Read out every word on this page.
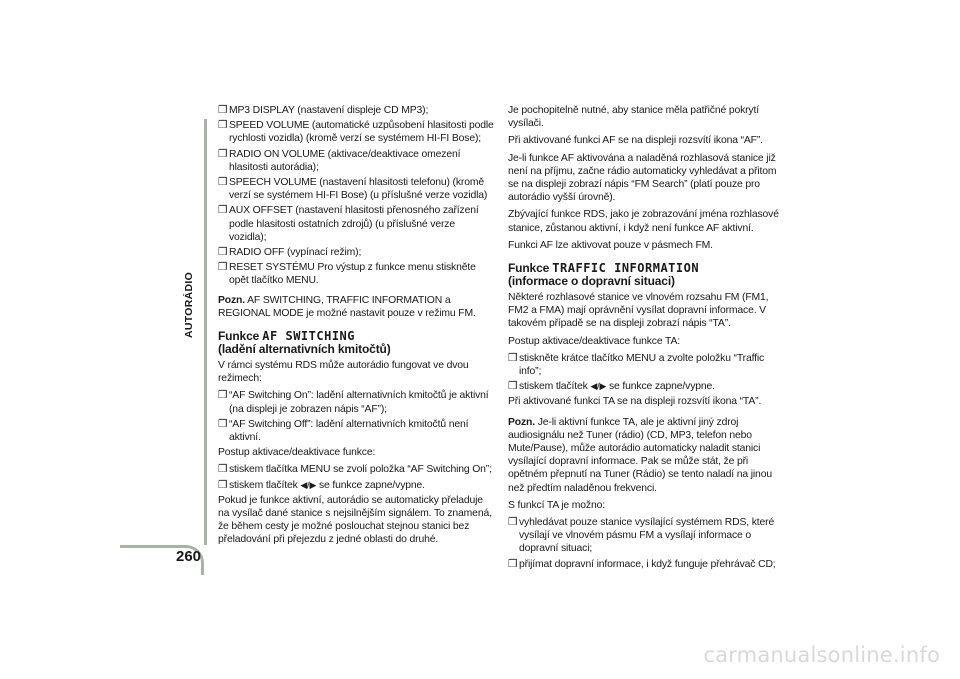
AUTORÁDIO
260
❒ MP3 DISPLAY (nastavení displeje CD MP3);
❒ SPEED VOLUME (automatické uzpůsobení hlasitosti podle rychlosti vozidla) (kromě verzí se systémem HI-FI Bose);
❒ RADIO ON VOLUME (aktivace/deaktivace omezení hlasitosti autorádia);
❒ SPEECH VOLUME (nastavení hlasitosti telefonu) (kromě verzí se systémem HI-FI Bose) (u příslušné verze vozidla)
❒ AUX OFFSET (nastavení hlasitosti přenosného zařízení podle hlasitosti ostatních zdrojů) (u příslušné verze vozidla);
❒ RADIO OFF (vypínací režim);
❒ RESET SYSTÉMU Pro výstup z funkce menu stiskněte opět tlačítko MENU.
Pozn. AF SWITCHING, TRAFFIC INFORMATION a REGIONAL MODE je možné nastavit pouze v režimu FM.
Funkce AF SWITCHING
(ladění alternativních kmitočtů)
V rámci systému RDS může autorádio fungovat ve dvou režimech:
❒ “AF Switching On”: ladění alternativních kmitočtů je aktivní (na displeji je zobrazen nápis “AF”);
❒ “AF Switching Off”: ladění alternativních kmitočtů není aktivní.
Postup aktivace/deaktivace funkce:
❒ stiskem tlačítka MENU se zvolí položka “AF Switching On”;
❒ stiskem tlačítek ◀/▶ se funkce zapne/vypne.
Pokud je funkce aktivní, autorádio se automaticky přeladuje na vysílač dané stanice s nejsilnějším signálem. To znamená, že během cesty je možné poslouchat stejnou stanici bez přeladování při přejezdu z jedné oblasti do druhé.
Je pochopitelně nutné, aby stanice měla patřičné pokrytí vysílači.
Při aktivované funkci AF se na displeji rozsvítí ikona “AF”.
Je-li funkce AF aktivována a naladěná rozhlasová stanice již není na příjmu, začne rádio automaticky vyhledávat a přitom se na displeji zobrazí nápis “FM Search” (platí pouze pro autorádio vyšší úrovně).
Zbývající funkce RDS, jako je zobrazování jména rozhlasové stanice, zůstanou aktivní, i když není funkce AF aktivní.
Funkci AF lze aktivovat pouze v pásmech FM.
Funkce TRAFFIC INFORMATION
(informace o dopravní situaci)
Některé rozhlasové stanice ve vlnovém rozsahu FM (FM1, FM2 a FMA) mají oprávnění vysílat dopravní informace. V takovém případě se na displeji zobrazí nápis “TA”.
Postup aktivace/deaktivace funkce TA:
❒ stiskněte krátce tlačítko MENU a zvolte položku “Traffic info”;
❒ stiskem tlačítek ◀/▶ se funkce zapne/vypne.
Při aktivované funkci TA se na displeji rozsvítí ikona “TA”.
Pozn. Je-li aktivní funkce TA, ale je aktivní jiný zdroj audiosignálu než Tuner (rádio) (CD, MP3, telefon nebo Mute/Pause), může autorádio automaticky naladit stanici vysílající dopravní informace. Pak se může stát, že při opětném přepnutí na Tuner (Rádio) se tento naladí na jinou než předtím naladěnou frekvenci.
S funkcí TA je možno:
❒ vyhledávat pouze stanice vysílající systémem RDS, které vysílají ve vlnovém pásmu FM a vysílají informace o dopravní situaci;
❒ přijímat dopravní informace, i když funguje přehrávač CD;
carmanualsonline.info
